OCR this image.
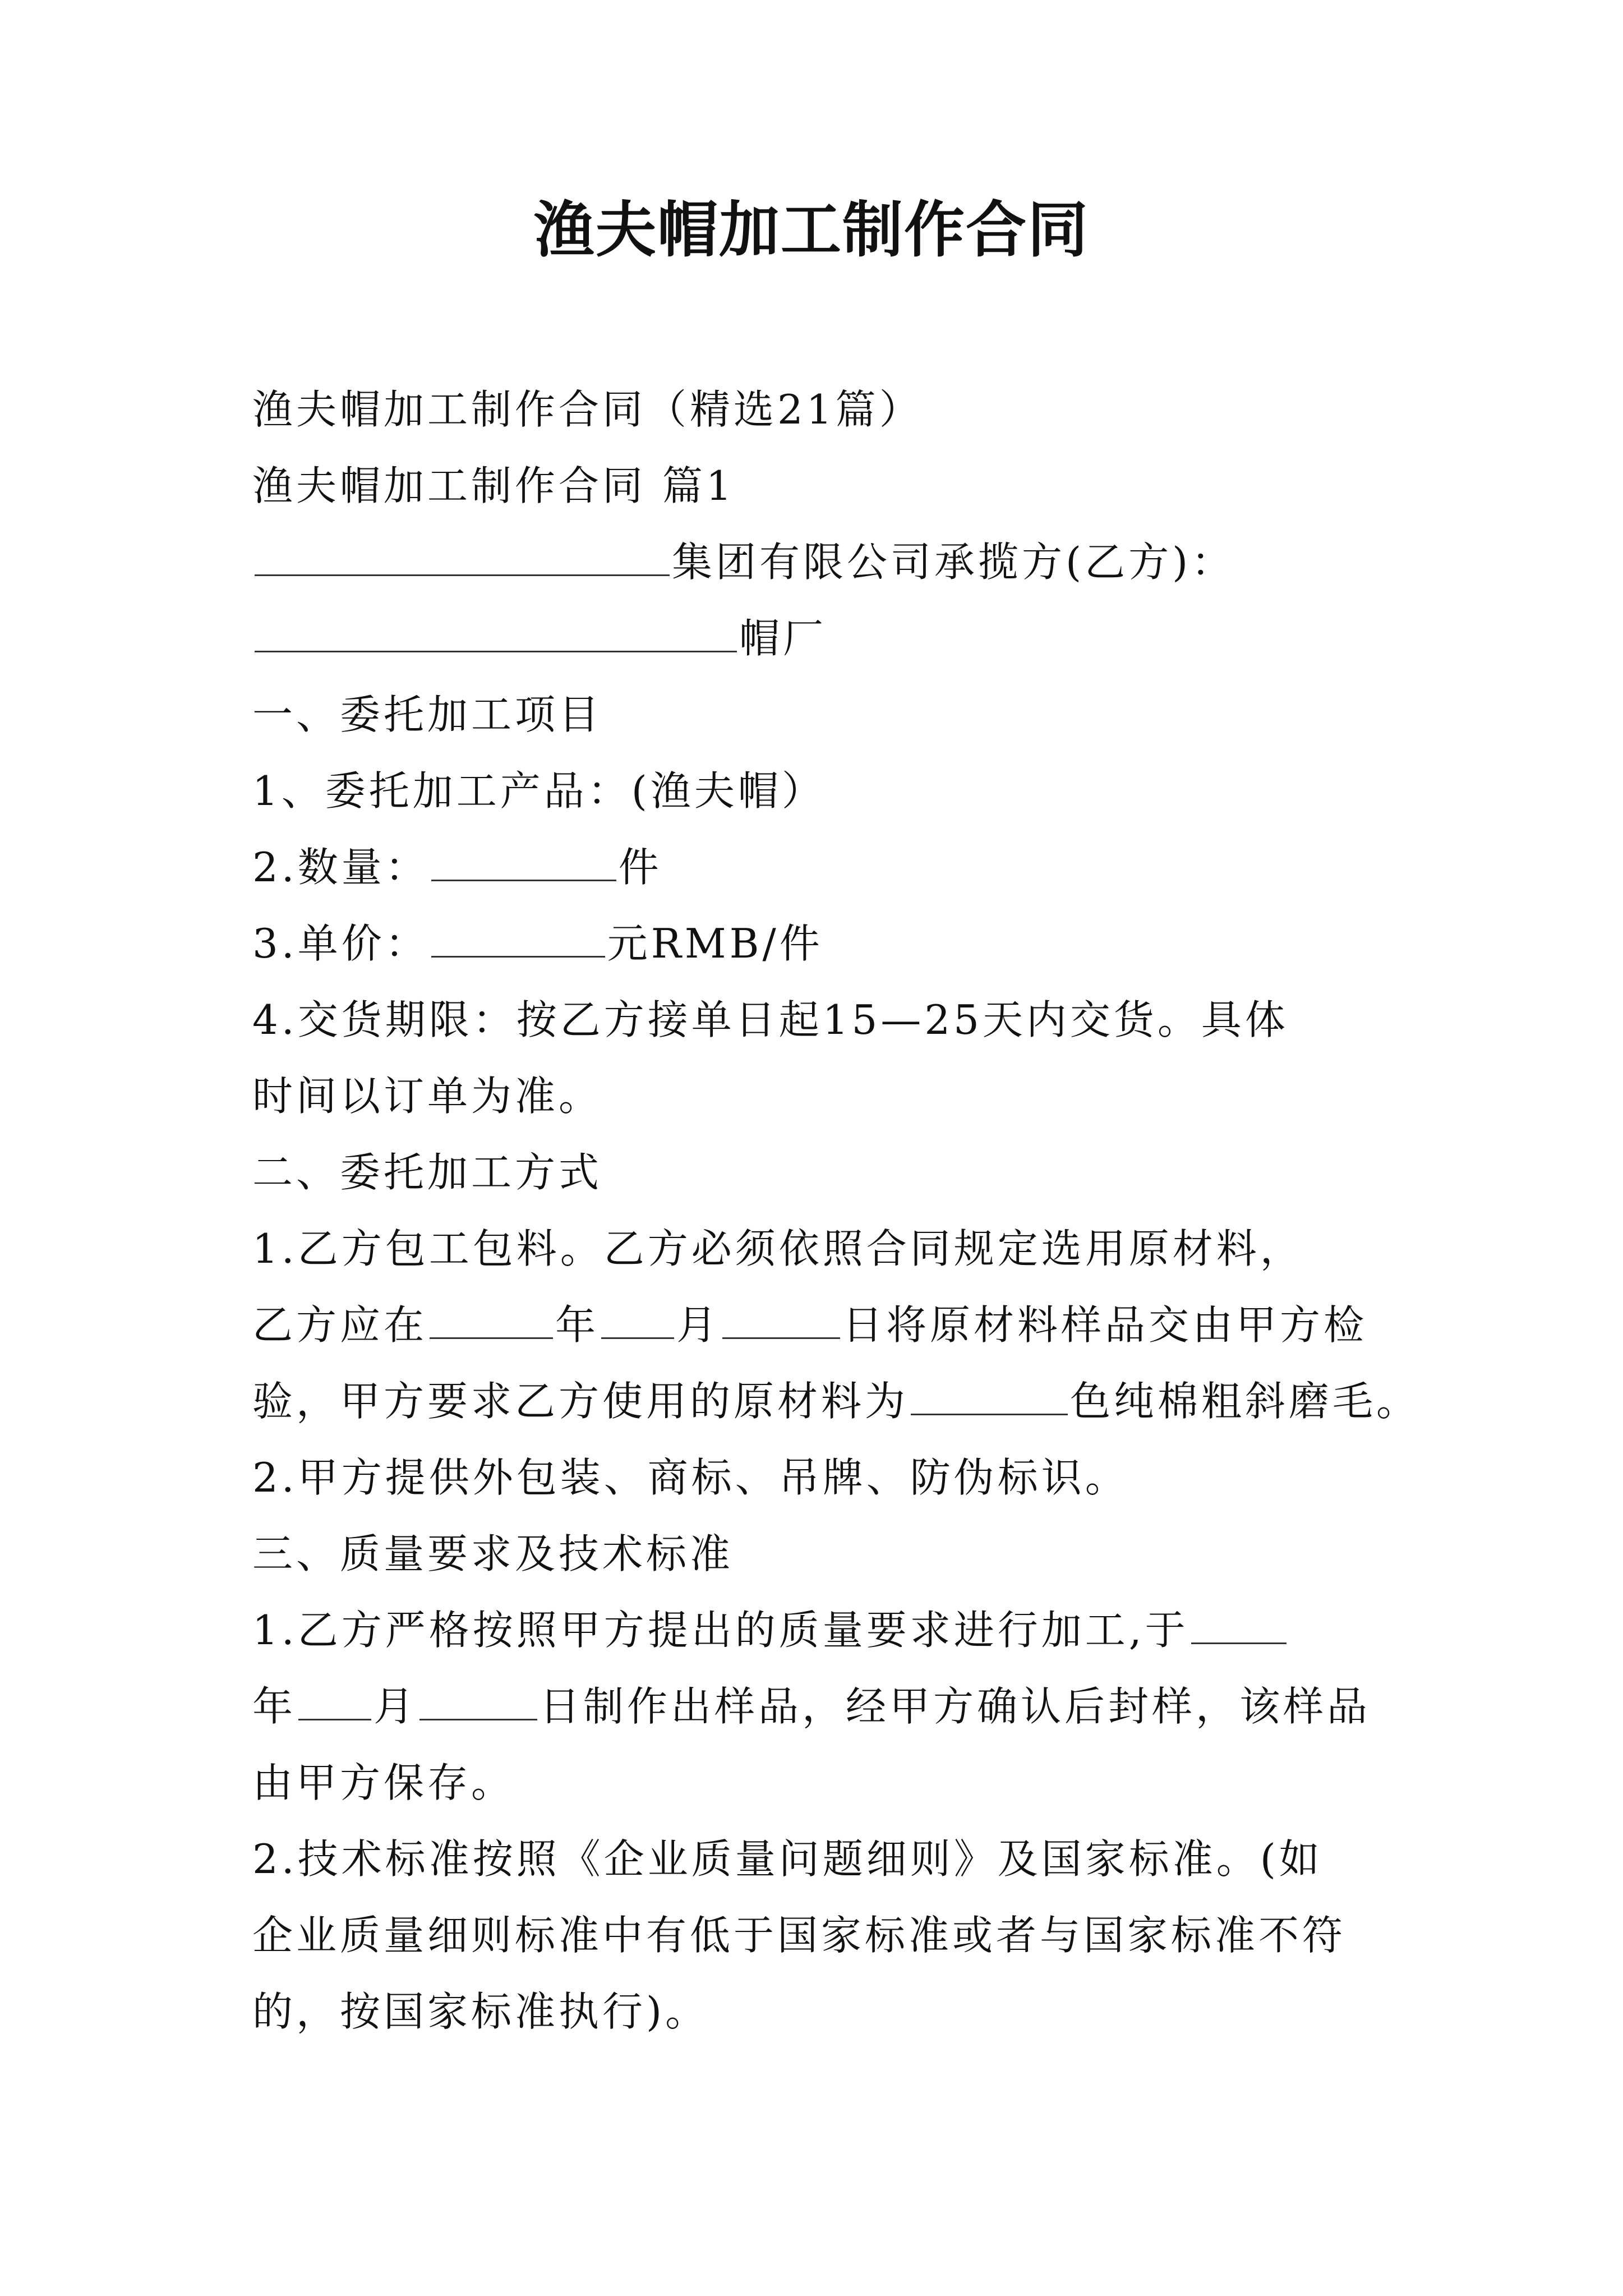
渔夫帽加工制作合同
渔夫帽加工制作合同（精选21篇）
渔夫帽加工制作合同 篇1
集团有限公司承揽方(乙方)：
帽厂
一、委托加工项目
1、委托加工产品：(渔夫帽）
2.数量：	件
3.单价：	元RMB/件
4.交货期限：按乙方接单日起15—25天内交货。具体
时间以订单为准。
二、委托加工方式
1.乙方包工包料。乙方必须依照合同规定选用原材料，
乙方应在	年 月	日将原材料样品交由甲方检
验，甲方要求乙方使用的原材料为	色纯棉粗斜磨毛。
2.甲方提供外包装、商标、吊牌、防伪标识。
三、质量要求及技术标准
1.乙方严格按照甲方提出的质量要求进行加工,于
年 月	日制作出样品，经甲方确认后封样，该样品
由甲方保存。
2.技术标准按照《企业质量问题细则》及国家标准。(如
企业质量细则标准中有低于国家标准或者与国家标准不符
的，按国家标准执行)。
